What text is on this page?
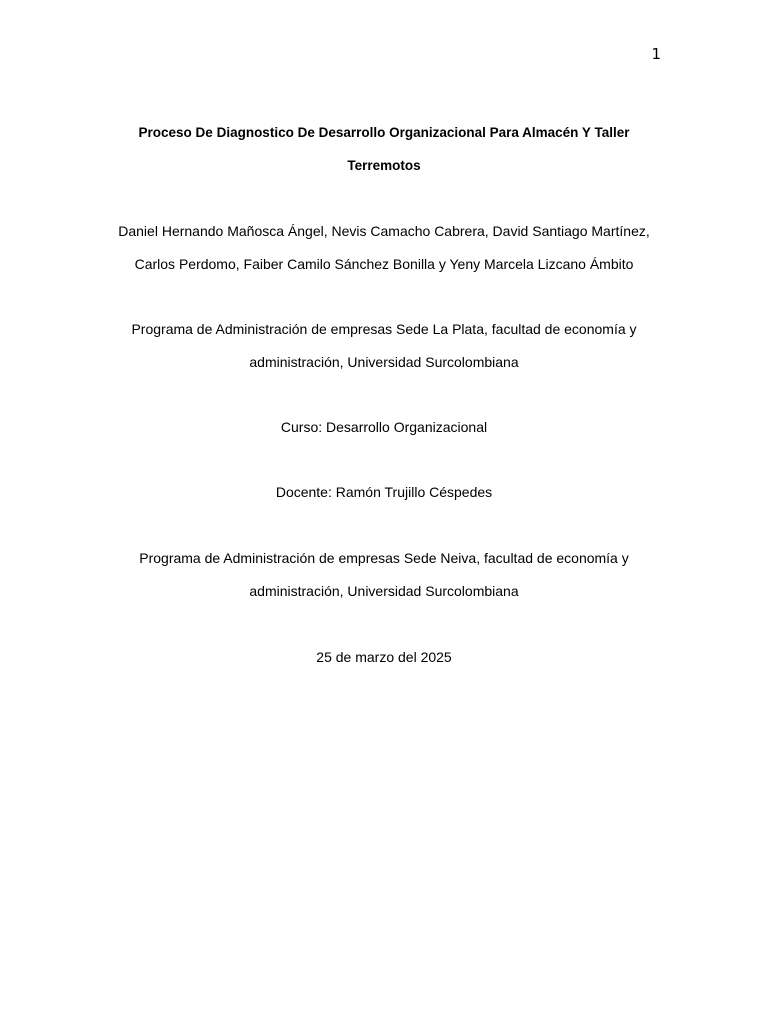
1
Proceso De Diagnostico De Desarrollo Organizacional Para Almacén Y Taller
Terremotos
Daniel Hernando Mañosca Ángel, Nevis Camacho Cabrera, David Santiago Martínez,
Carlos Perdomo, Faiber Camilo Sánchez Bonilla y Yeny Marcela Lizcano Ámbito
Programa de Administración de empresas Sede La Plata, facultad de economía y
administración, Universidad Surcolombiana
Curso: Desarrollo Organizacional
Docente: Ramón Trujillo Céspedes
Programa de Administración de empresas Sede Neiva, facultad de economía y
administración, Universidad Surcolombiana
25 de marzo del 2025
